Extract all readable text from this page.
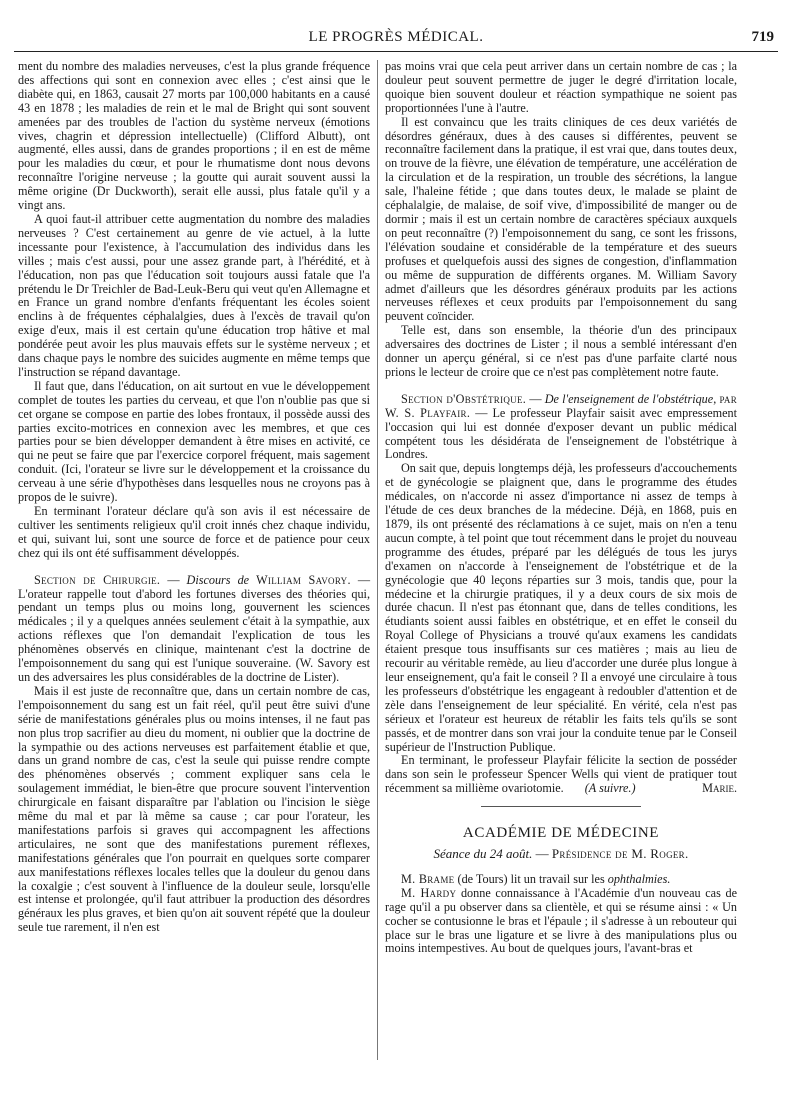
LE PROGRÈS MÉDICAL.	719

ment du nombre des maladies nerveuses, c'est la plus grande fréquence des affections qui sont en connexion avec elles ; c'est ainsi que le diabète qui, en 1863, causait 27 morts par 100,000 habitants en a causé 43 en 1878 ; les maladies de rein et le mal de Bright qui sont souvent amenées par des troubles de l'action du système nerveux (émotions vives, chagrin et dépression intellectuelle) (Clifford Albutt), ont augmenté, elles aussi, dans de grandes proportions ; il en est de même pour les maladies du cœur, et pour le rhumatisme dont nous devons reconnaître l'origine nerveuse ; la goutte qui aurait souvent aussi la même origine (Dr Duckworth), serait elle aussi, plus fatale qu'il y a vingt ans.

A quoi faut-il attribuer cette augmentation du nombre des maladies nerveuses ? C'est certainement au genre de vie actuel, à la lutte incessante pour l'existence, à l'accumulation des individus dans les villes ; mais c'est aussi, pour une assez grande part, à l'hérédité, et à l'éducation, non pas que l'éducation soit toujours aussi fatale que l'a prétendu le Dr Treichler de Bad-Leuk-Beru qui veut qu'en Allemagne et en France un grand nombre d'enfants fréquentant les écoles soient enclins à de fréquentes céphalalgies, dues à l'excès de travail qu'on exige d'eux, mais il est certain qu'une éducation trop hâtive et mal pondérée peut avoir les plus mauvais effets sur le système nerveux ; et dans chaque pays le nombre des suicides augmente en même temps que l'instruction se répand davantage.

Il faut que, dans l'éducation, on ait surtout en vue le développement complet de toutes les parties du cerveau, et que l'on n'oublie pas que si cet organe se compose en partie des lobes frontaux, il possède aussi des parties excito-motrices en connexion avec les membres, et que ces parties pour se bien développer demandent à être mises en activité, ce qui ne peut se faire que par l'exercice corporel fréquent, mais sagement conduit. (Ici, l'orateur se livre sur le développement et la croissance du cerveau à une série d'hypothèses dans lesquelles nous ne croyons pas à propos de le suivre).

En terminant l'orateur déclare qu'à son avis il est nécessaire de cultiver les sentiments religieux qu'il croit innés chez chaque individu, et qui, suivant lui, sont une source de force et de patience pour ceux chez qui ils ont été suffisamment développés.

Section de Chirurgie. — Discours de William Savory. — L'orateur rappelle tout d'abord les fortunes diverses des théories qui, pendant un temps plus ou moins long, gouvernent les sciences médicales ; il y a quelques années seulement c'était à la sympathie, aux actions réflexes que l'on demandait l'explication de tous les phénomènes observés en clinique, maintenant c'est la doctrine de l'empoisonnement du sang qui est l'unique souveraine. (W. Savory est un des adversaires les plus considérables de la doctrine de Lister).

Mais il est juste de reconnaître que, dans un certain nombre de cas, l'empoisonnement du sang est un fait réel, qu'il peut être suivi d'une série de manifestations générales plus ou moins intenses, il ne faut pas non plus trop sacrifier au dieu du moment, ni oublier que la doctrine de la sympathie ou des actions nerveuses est parfaitement établie et que, dans un grand nombre de cas, c'est la seule qui puisse rendre compte des phénomènes observés ; comment expliquer sans cela le soulagement immédiat, le bien-être que procure souvent l'intervention chirurgicale en faisant disparaître par l'ablation ou l'incision le siège même du mal et par là même sa cause ; car pour l'orateur, les manifestations parfois si graves qui accompagnent les affections articulaires, ne sont que des manifestations purement réflexes, manifestations générales que l'on pourrait en quelques sorte comparer aux manifestations réflexes locales telles que la douleur du genou dans la coxalgie ; c'est souvent à l'influence de la douleur seule, lorsqu'elle est intense et prolongée, qu'il faut attribuer la production des désordres généraux les plus graves, et bien qu'on ait souvent répété que la douleur seule tue rarement, il n'en est

pas moins vrai que cela peut arriver dans un certain nombre de cas ; la douleur peut souvent permettre de juger le degré d'irritation locale, quoique bien souvent douleur et réaction sympathique ne soient pas proportionnées l'une à l'autre.

Il est convaincu que les traits cliniques de ces deux variétés de désordres généraux, dues à des causes si différentes, peuvent se reconnaître facilement dans la pratique, il est vrai que, dans toutes deux, on trouve de la fièvre, une élévation de température, une accélération de la circulation et de la respiration, un trouble des sécrétions, la langue sale, l'haleine fétide ; que dans toutes deux, le malade se plaint de céphalalgie, de malaise, de soif vive, d'impossibilité de manger ou de dormir ; mais il est un certain nombre de caractères spéciaux auxquels on peut reconnaître (?) l'empoisonnement du sang, ce sont les frissons, l'élévation soudaine et considérable de la température et des sueurs profuses et quelquefois aussi des signes de congestion, d'inflammation ou même de suppuration de différents organes. M. William Savory admet d'ailleurs que les désordres généraux produits par les actions nerveuses réflexes et ceux produits par l'empoisonnement du sang peuvent coïncider.

Telle est, dans son ensemble, la théorie d'un des principaux adversaires des doctrines de Lister ; il nous a semblé intéressant d'en donner un aperçu général, si ce n'est pas d'une parfaite clarté nous prions le lecteur de croire que ce n'est pas complètement notre faute.

Section d'Obstétrique. — De l'enseignement de l'obstétrique, par W. S. Playfair. — Le professeur Playfair saisit avec empressement l'occasion qui lui est donnée d'exposer devant un public médical compétent tous les désidérata de l'enseignement de l'obstétrique à Londres.

On sait que, depuis longtemps déjà, les professeurs d'accouchements et de gynécologie se plaignent que, dans le programme des études médicales, on n'accorde ni assez d'importance ni assez de temps à l'étude de ces deux branches de la médecine. Déjà, en 1868, puis en 1879, ils ont présenté des réclamations à ce sujet, mais on n'en a tenu aucun compte, à tel point que tout récemment dans le projet du nouveau programme des études, préparé par les délégués de tous les jurys d'examen on n'accorde à l'enseignement de l'obstétrique et de la gynécologie que 40 leçons réparties sur 3 mois, tandis que, pour la médecine et la chirurgie pratiques, il y a deux cours de six mois de durée chacun. Il n'est pas étonnant que, dans de telles conditions, les étudiants soient aussi faibles en obstétrique, et en effet le conseil du Royal College of Physicians a trouvé qu'aux examens les candidats étaient presque tous insuffisants sur ces matières ; mais au lieu de recourir au véritable remède, au lieu d'accorder une durée plus longue à leur enseignement, qu'a fait le conseil ? Il a envoyé une circulaire à tous les professeurs d'obstétrique les engageant à redoubler d'attention et de zèle dans l'enseignement de leur spécialité. En vérité, cela n'est pas sérieux et l'orateur est heureux de rétablir les faits tels qu'ils se sont passés, et de montrer dans son vrai jour la conduite tenue par le Conseil supérieur de l'Instruction Publique.

En terminant, le professeur Playfair félicite la section de posséder dans son sein le professeur Spencer Wells qui vient de pratiquer tout récemment sa millième ovariotomie. (A suivre.)	Marie.

ACADÉMIE DE MÉDECINE
Séance du 24 août. — Présidence de M. Roger.

M. Brame (de Tours) lit un travail sur les ophthalmies.

M. Hardy donne connaissance à l'Académie d'un nouveau cas de rage qu'il a pu observer dans sa clientèle, et qui se résume ainsi : « Un cocher se contusionne le bras et l'épaule ; il s'adresse à un rebouteur qui place sur le bras une ligature et se livre à des manipulations plus ou moins intempestives. Au bout de quelques jours, l'avant-bras et
